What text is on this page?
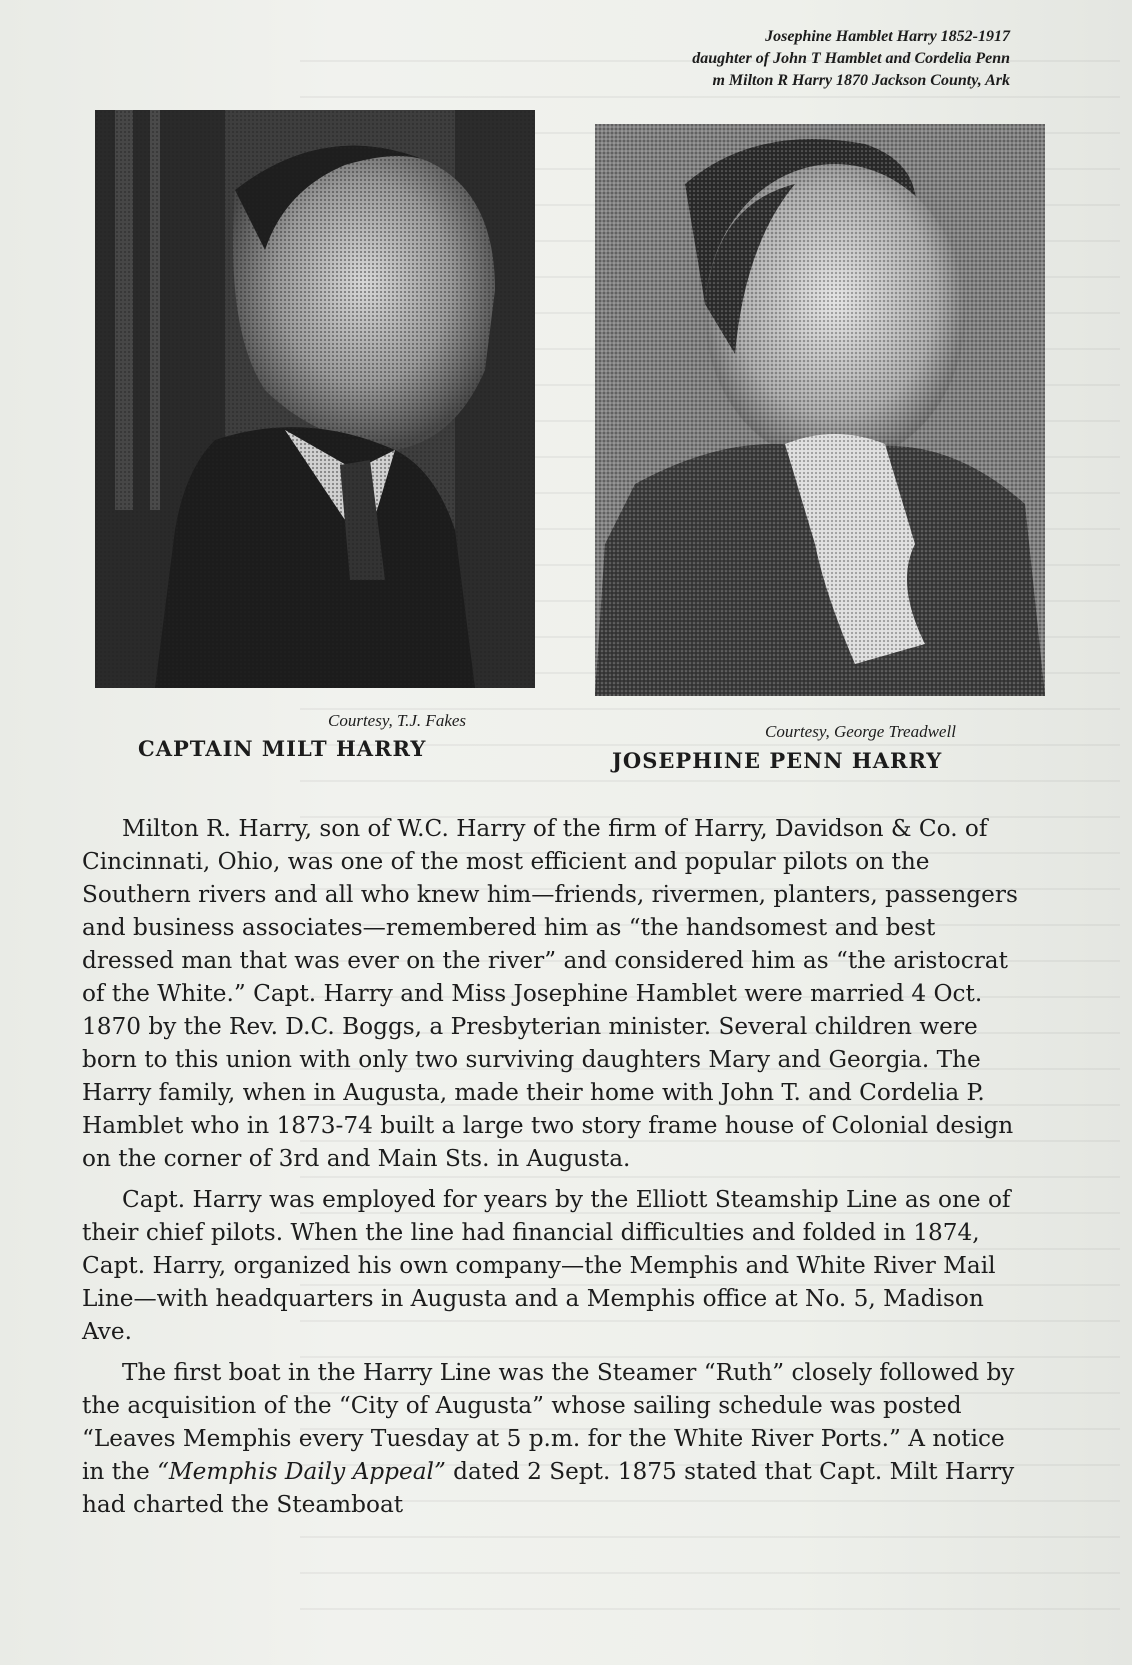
Josephine Hamblet Harry 1852-1917
daughter of John T Hamblet and Cordelia Penn
m Milton R Harry 1870 Jackson County, Ark
Courtesy, T.J. Fakes
CAPTAIN MILT HARRY
Courtesy, George Treadwell
JOSEPHINE PENN HARRY

Milton R. Harry, son of W.C. Harry of the firm of Harry, Davidson & Co. of Cincinnati, Ohio, was one of the most efficient and popular pilots on the Southern rivers and all who knew him—friends, rivermen, planters, passengers and business associates—remembered him as “the handsomest and best dressed man that was ever on the river” and considered him as “the aristocrat of the White.” Capt. Harry and Miss Josephine Hamblet were married 4 Oct. 1870 by the Rev. D.C. Boggs, a Presbyterian minister. Several children were born to this union with only two surviving daughters Mary and Georgia. The Harry family, when in Augusta, made their home with John T. and Cordelia P. Hamblet who in 1873-74 built a large two story frame house of Colonial design on the corner of 3rd and Main Sts. in Augusta.

Capt. Harry was employed for years by the Elliott Steamship Line as one of their chief pilots. When the line had financial difficulties and folded in 1874, Capt. Harry, organized his own company—the Memphis and White River Mail Line—with headquarters in Augusta and a Memphis office at No. 5, Madison Ave.

The first boat in the Harry Line was the Steamer “Ruth” closely followed by the acquisition of the “City of Augusta” whose sailing schedule was posted “Leaves Memphis every Tuesday at 5 p.m. for the White River Ports.” A notice in the “Memphis Daily Appeal” dated 2 Sept. 1875 stated that Capt. Milt Harry had charted the Steamboat
